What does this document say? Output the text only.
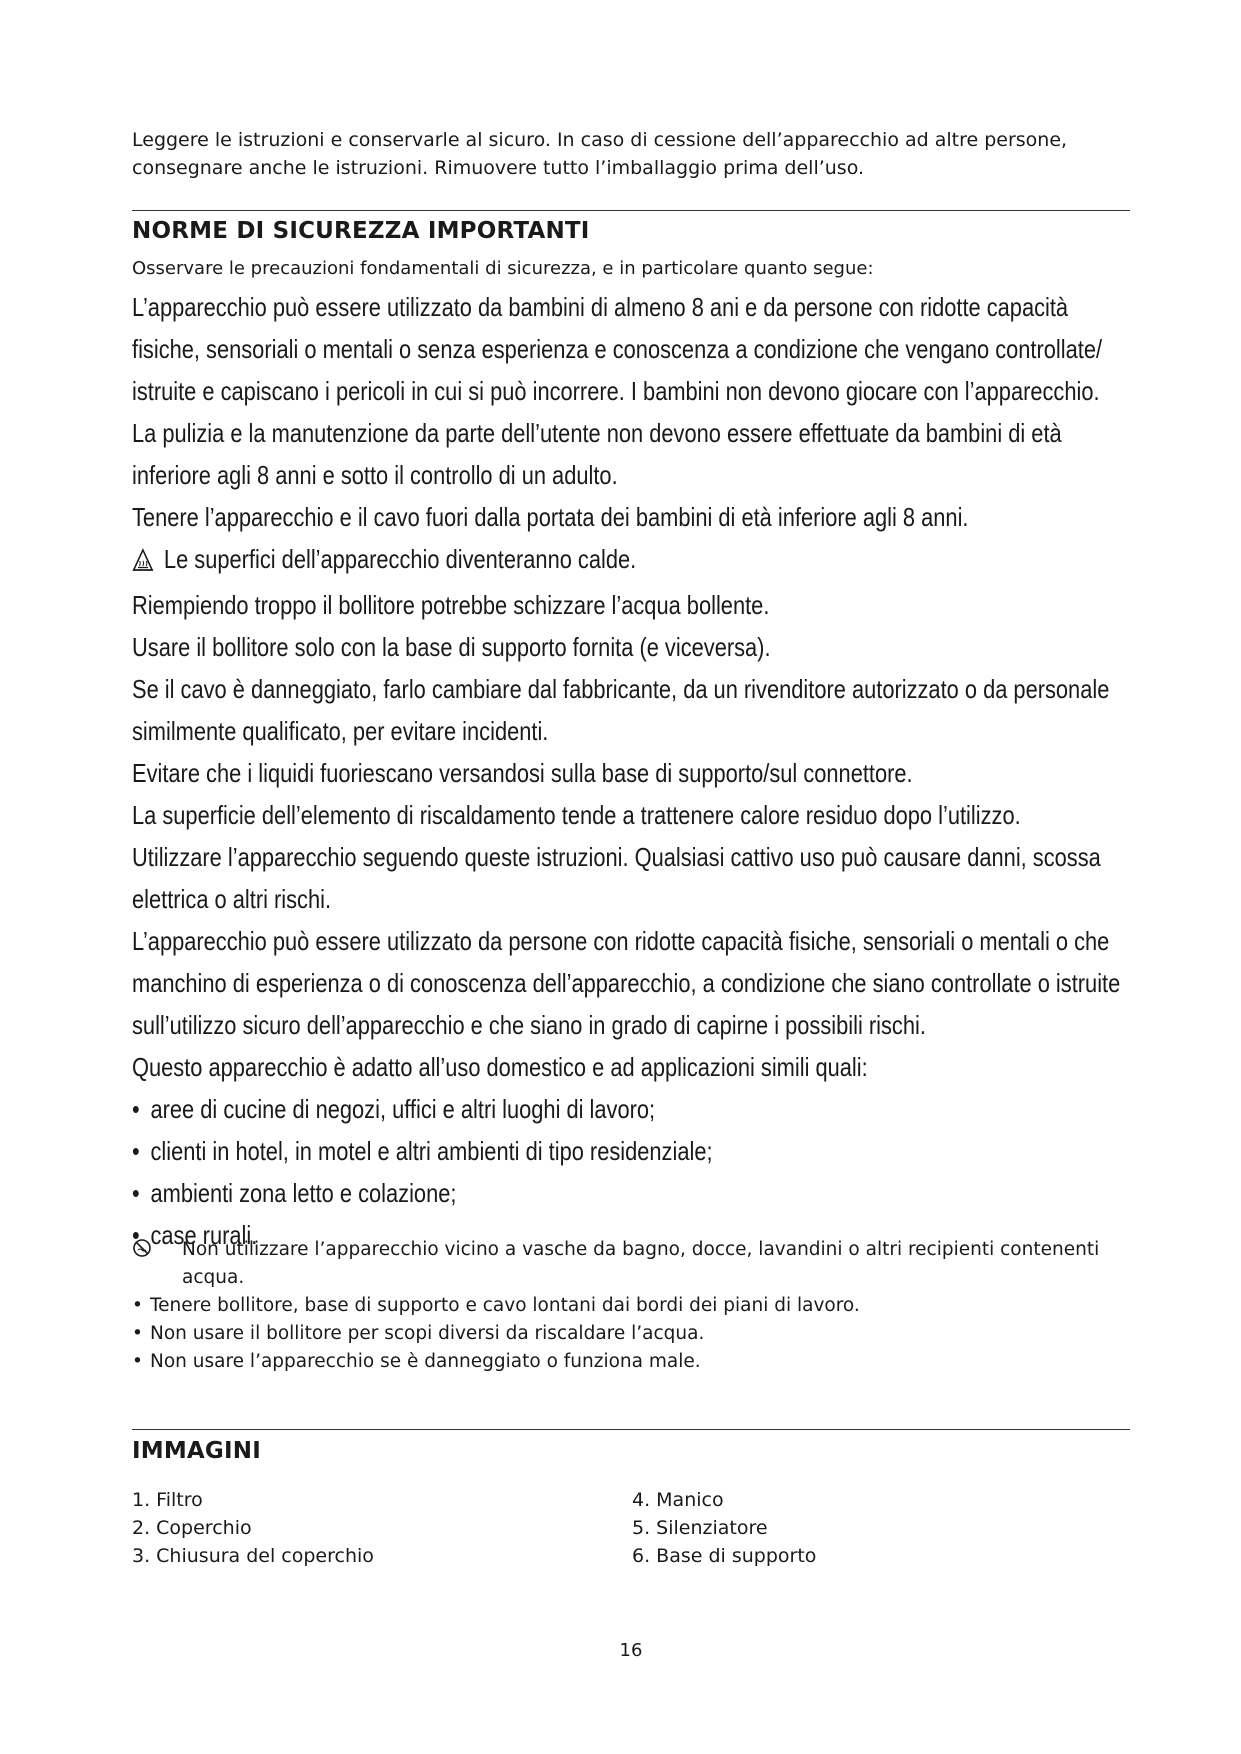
Leggere le istruzioni e conservarle al sicuro. In caso di cessione dell’apparecchio ad altre persone,

consegnare anche le istruzioni. Rimuovere tutto l’imballaggio prima dell’uso.

NORME DI SICUREZZA IMPORTANTI
Osservare le precauzioni fondamentali di sicurezza, e in particolare quanto segue:

L’apparecchio può essere utilizzato da bambini di almeno 8 ani e da persone con ridotte capacità

fisiche, sensoriali o mentali o senza esperienza e conoscenza a condizione che vengano controllate/

istruite e capiscano i pericoli in cui si può incorrere. I bambini non devono giocare con l’apparecchio.

La pulizia e la manutenzione da parte dell’utente non devono essere effettuate da bambini di età

inferiore agli 8 anni e sotto il controllo di un adulto.

Tenere l’apparecchio e il cavo fuori dalla portata dei bambini di età inferiore agli 8 anni.

Le superfici dell’apparecchio diventeranno calde.

Riempiendo troppo il bollitore potrebbe schizzare l’acqua bollente.

Usare il bollitore solo con la base di supporto fornita (e viceversa).

Se il cavo è danneggiato, farlo cambiare dal fabbricante, da un rivenditore autorizzato o da personale

similmente qualificato, per evitare incidenti.

Evitare che i liquidi fuoriescano versandosi sulla base di supporto/sul connettore.

La superficie dell’elemento di riscaldamento tende a trattenere calore residuo dopo l’utilizzo.

Utilizzare l’apparecchio seguendo queste istruzioni. Qualsiasi cattivo uso può causare danni, scossa

elettrica o altri rischi.

L’apparecchio può essere utilizzato da persone con ridotte capacità fisiche, sensoriali o mentali o che

manchino di esperienza o di conoscenza dell’apparecchio, a condizione che siano controllate o istruite

sull’utilizzo sicuro dell’apparecchio e che siano in grado di capirne i possibili rischi.

Questo apparecchio è adatto all’uso domestico e ad applicazioni simili quali:

• aree di cucine di negozi, uffici e altri luoghi di lavoro;

• clienti in hotel, in motel e altri ambienti di tipo residenziale;

• ambienti zona letto e colazione;

• case rurali.

Non utilizzare l’apparecchio vicino a vasche da bagno, docce, lavandini o altri recipienti contenenti

acqua.

• Tenere bollitore, base di supporto e cavo lontani dai bordi dei piani di lavoro.

• Non usare il bollitore per scopi diversi da riscaldare l’acqua.

• Non usare l’apparecchio se è danneggiato o funziona male.

IMMAGINI

1. Filtro

2. Coperchio

3. Chiusura del coperchio

4. Manico

5. Silenziatore

6. Base di supporto

16
